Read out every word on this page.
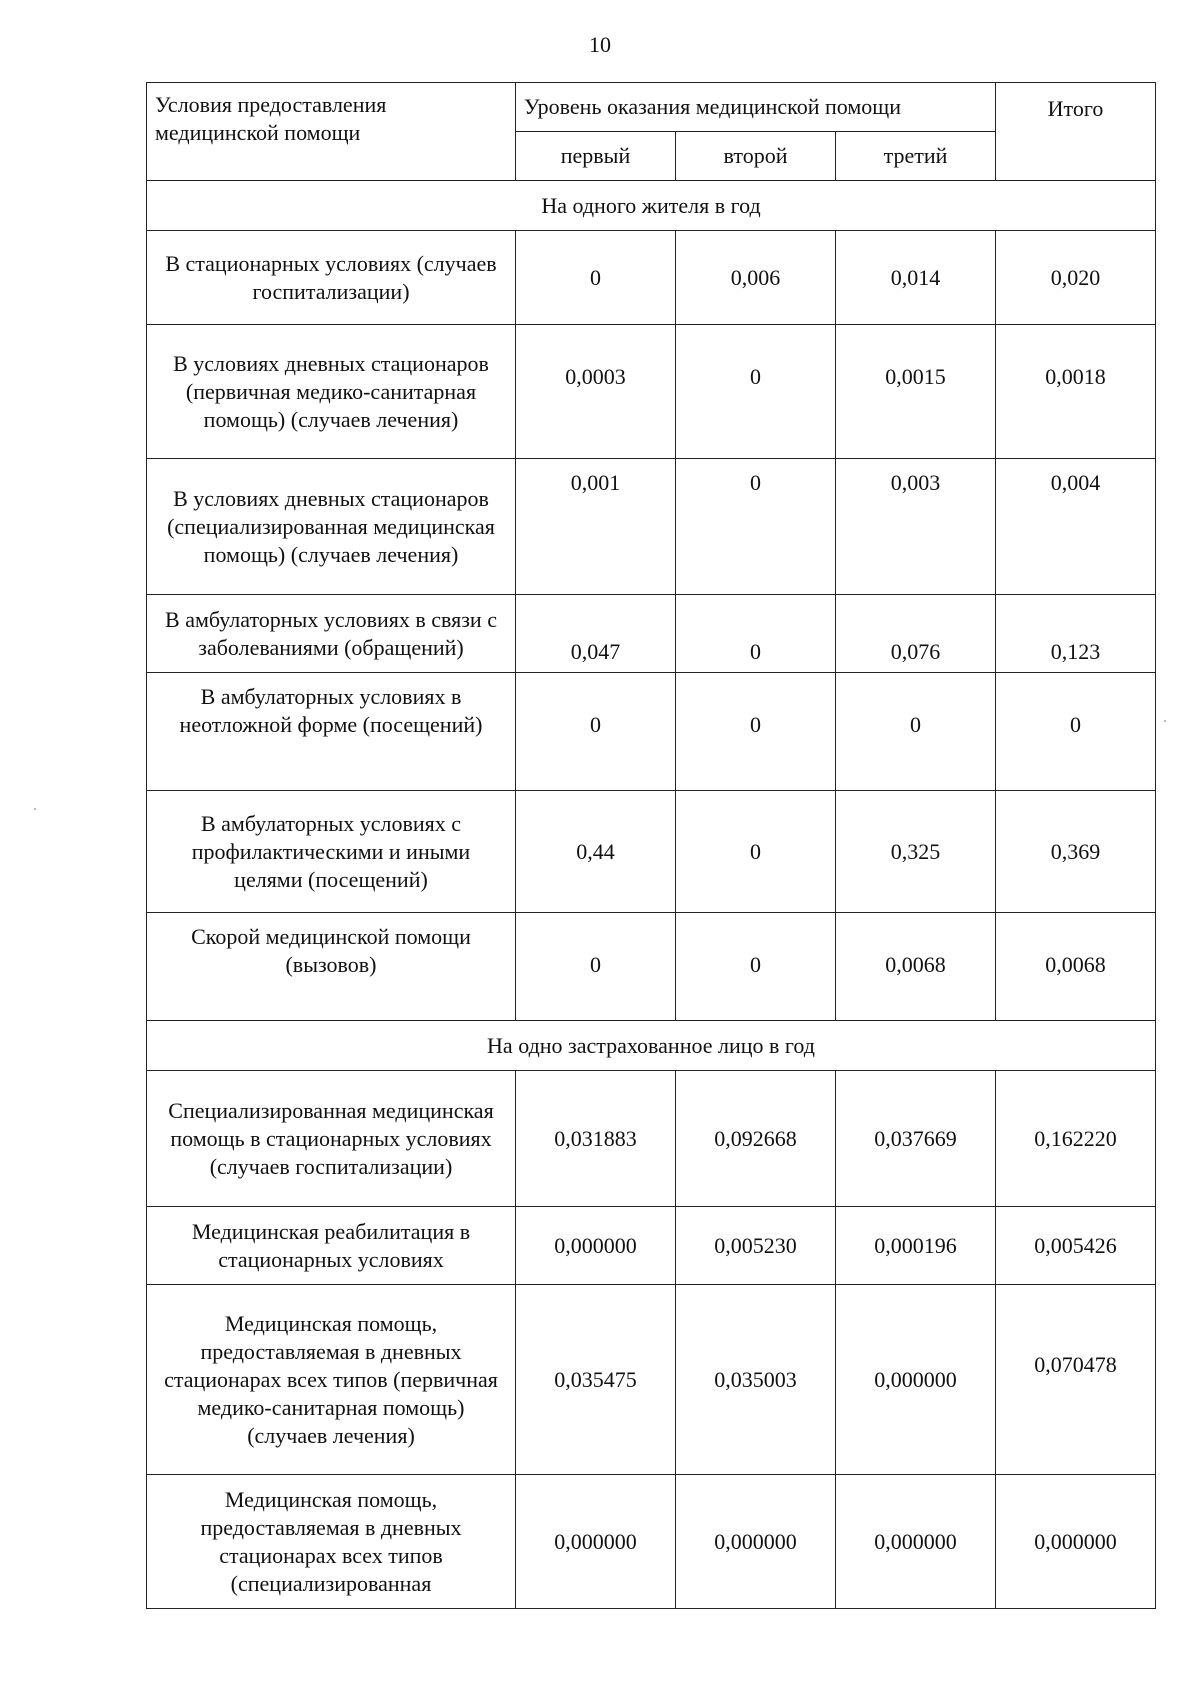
10
Условия предоставления медицинской помощи	Уровень оказания медицинской помощи			Итого
	первый	второй	третий	
На одного жителя в год				
В стационарных условиях (случаев госпитализации)	0	0,006	0,014	0,020
В условиях дневных стационаров (первичная медико-санитарная помощь) (случаев лечения)	0,0003	0	0,0015	0,0018
В условиях дневных стационаров (специализированная медицинская помощь) (случаев лечения)	0,001	0	0,003	0,004
В амбулаторных условиях в связи с заболеваниями (обращений)	0,047	0	0,076	0,123
В амбулаторных условиях в неотложной форме (посещений)	0	0	0	0
В амбулаторных условиях с профилактическими и иными целями (посещений)	0,44	0	0,325	0,369
Скорой медицинской помощи (вызовов)	0	0	0,0068	0,0068
На одно застрахованное лицо в год				
Специализированная медицинская помощь в стационарных условиях (случаев госпитализации)	0,031883	0,092668	0,037669	0,162220
Медицинская реабилитация в стационарных условиях	0,000000	0,005230	0,000196	0,005426
Медицинская помощь, предоставляемая в дневных стационарах всех типов (первичная медико-санитарная помощь) (случаев лечения)	0,035475	0,035003	0,000000	0,070478
Медицинская помощь, предоставляемая в дневных стационарах всех типов (специализированная	0,000000	0,000000	0,000000	0,000000
